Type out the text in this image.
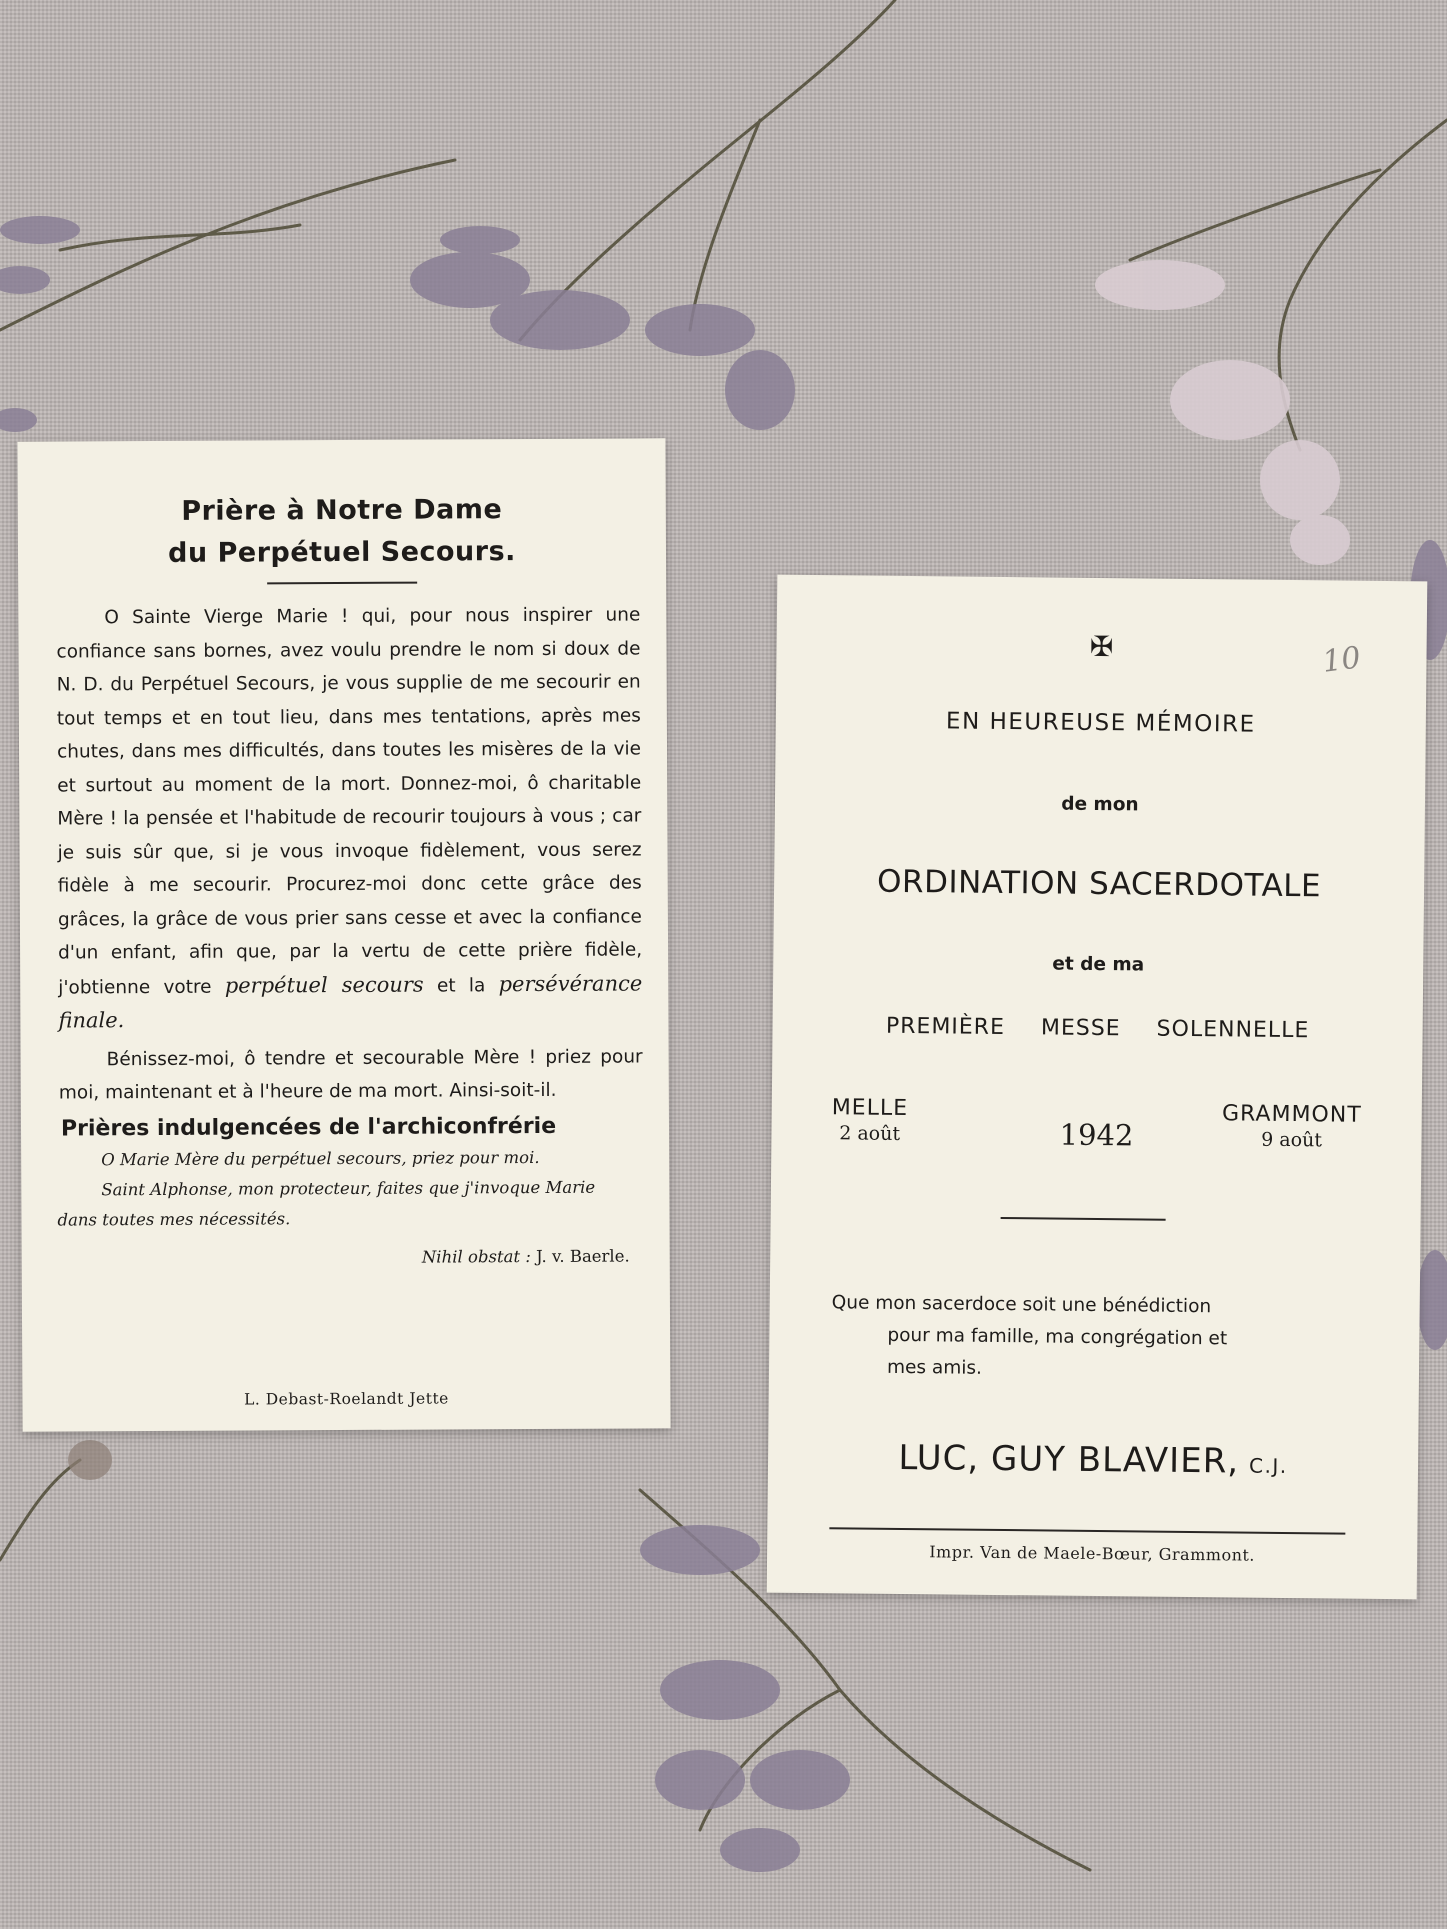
Prière à Notre Dame
du Perpétuel Secours.

O Sainte Vierge Marie ! qui, pour nous inspirer une confiance sans bornes, avez voulu prendre le nom si doux de N. D. du Perpétuel Secours, je vous supplie de me secourir en tout temps et en tout lieu, dans mes tentations, après mes chutes, dans mes difficultés, dans toutes les misères de la vie et surtout au moment de la mort. Donnez-moi, ô charitable Mère ! la pensée et l'habitude de recourir toujours à vous ; car je suis sûr que, si je vous invoque fidèlement, vous serez fidèle à me secourir. Procurez-moi donc cette grâce des grâces, la grâce de vous prier sans cesse et avec la confiance d'un enfant, afin que, par la vertu de cette prière fidèle, j'obtienne votre perpétuel secours et la persévérance finale.

Bénissez-moi, ô tendre et secourable Mère ! priez pour moi, maintenant et à l'heure de ma mort. Ainsi-soit-il.

Prières indulgencées de l'archiconfrérie
O Marie Mère du perpétuel secours, priez pour moi.
Saint Alphonse, mon protecteur, faites que j'invoque Marie
dans toutes mes nécessités.
Nihil obstat : J. v. Baerle.
L. Debast-Roelandt Jette
✠	10
EN HEUREUSE MÉMOIRE
de mon
ORDINATION SACERDOTALE
et de ma
PREMIÈRE MESSE SOLENNELLE
MELLE
2 août	1942
GRAMMONT
9 août
Que mon sacerdoce soit une bénédiction
pour ma famille, ma congrégation et
mes amis.
LUC, GUY BLAVIER, C.J.
Impr. Van de Maele-Bœur, Grammont.
